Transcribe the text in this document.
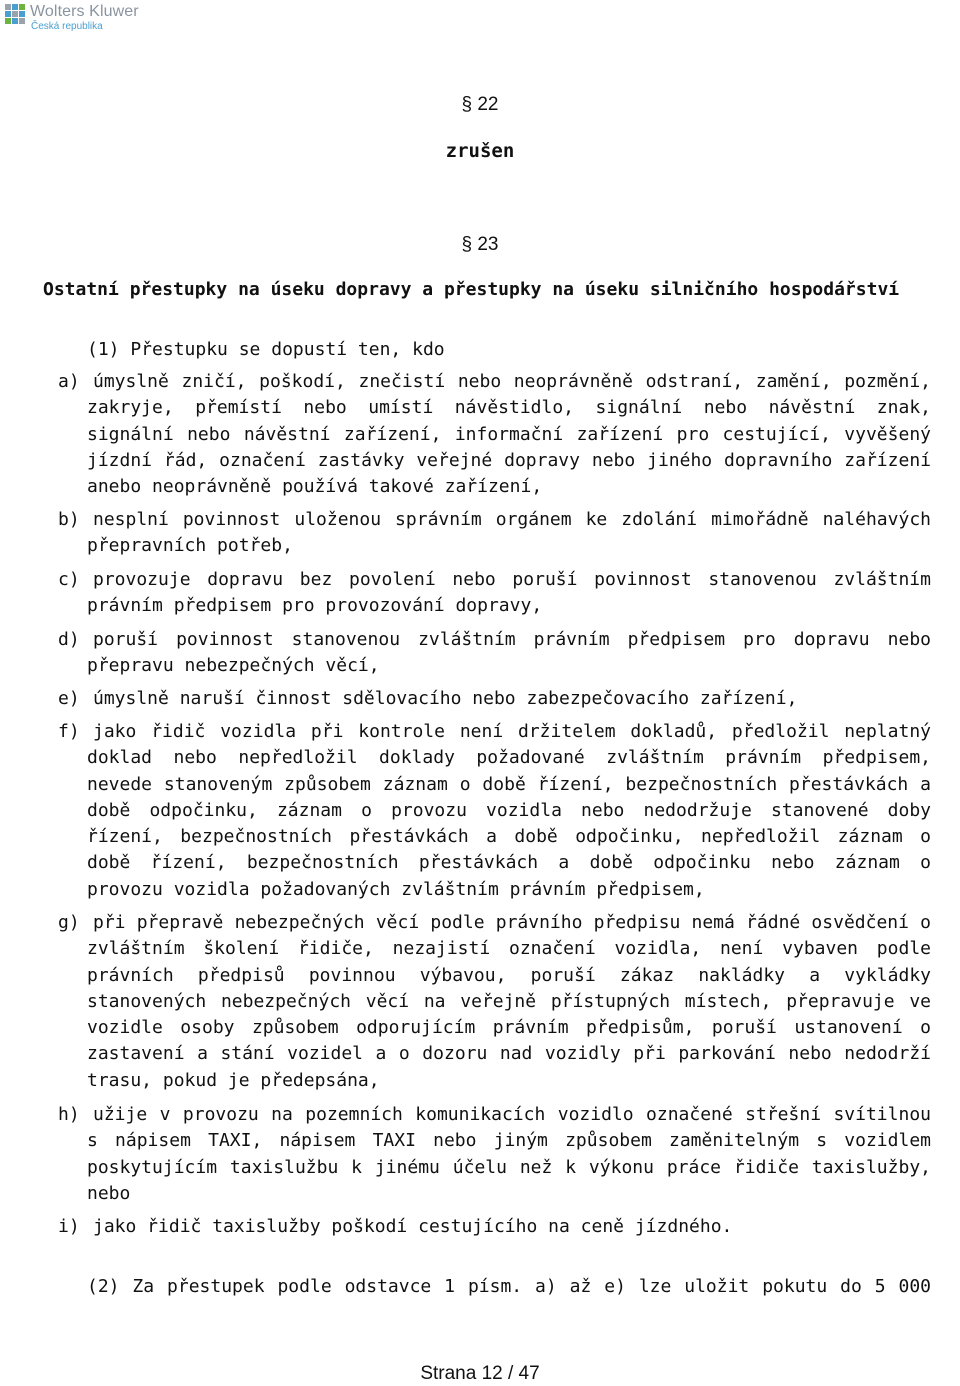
Wolters Kluwer
Česká republika
§ 22
zrušen
§ 23
Ostatní přestupky na úseku dopravy a přestupky na úseku silničního hospodářství
(1) Přestupku se dopustí ten, kdo
a) úmyslně zničí, poškodí, znečistí nebo neoprávněně odstraní, zamění, pozmění, zakryje, přemístí nebo umístí návěstidlo, signální nebo návěstní znak, signální nebo návěstní zařízení, informační zařízení pro cestující, vyvěšený jízdní řád, označení zastávky veřejné dopravy nebo jiného dopravního zařízení anebo neoprávněně používá takové zařízení,
b) nesplní povinnost uloženou správním orgánem ke zdolání mimořádně naléhavých přepravních potřeb,
c) provozuje dopravu bez povolení nebo poruší povinnost stanovenou zvláštním právním předpisem pro provozování dopravy,
d) poruší povinnost stanovenou zvláštním právním předpisem pro dopravu nebo přepravu nebezpečných věcí,
e) úmyslně naruší činnost sdělovacího nebo zabezpečovacího zařízení,
f) jako řidič vozidla při kontrole není držitelem dokladů, předložil neplatný doklad nebo nepředložil doklady požadované zvláštním právním předpisem, nevede stanoveným způsobem záznam o době řízení, bezpečnostních přestávkách a době odpočinku, záznam o provozu vozidla nebo nedodržuje stanovené doby řízení, bezpečnostních přestávkách a době odpočinku, nepředložil záznam o době řízení, bezpečnostních přestávkách a době odpočinku nebo záznam o provozu vozidla požadovaných zvláštním právním předpisem,
g) při přepravě nebezpečných věcí podle právního předpisu nemá řádné osvědčení o zvláštním školení řidiče, nezajistí označení vozidla, není vybaven podle právních předpisů povinnou výbavou, poruší zákaz nakládky a vykládky stanovených nebezpečných věcí na veřejně přístupných místech, přepravuje ve vozidle osoby způsobem odporujícím právním předpisům, poruší ustanovení o zastavení a stání vozidel a o dozoru nad vozidly při parkování nebo nedodrží trasu, pokud je předepsána,
h) užije v provozu na pozemních komunikacích vozidlo označené střešní svítilnou s nápisem TAXI, nápisem TAXI nebo jiným způsobem zaměnitelným s vozidlem poskytujícím taxislužbu k jinému účelu než k výkonu práce řidiče taxislužby, nebo
i) jako řidič taxislužby poškodí cestujícího na ceně jízdného.
(2) Za přestupek podle odstavce 1 písm. a) až e) lze uložit pokutu do 5 000
Strana 12 / 47
